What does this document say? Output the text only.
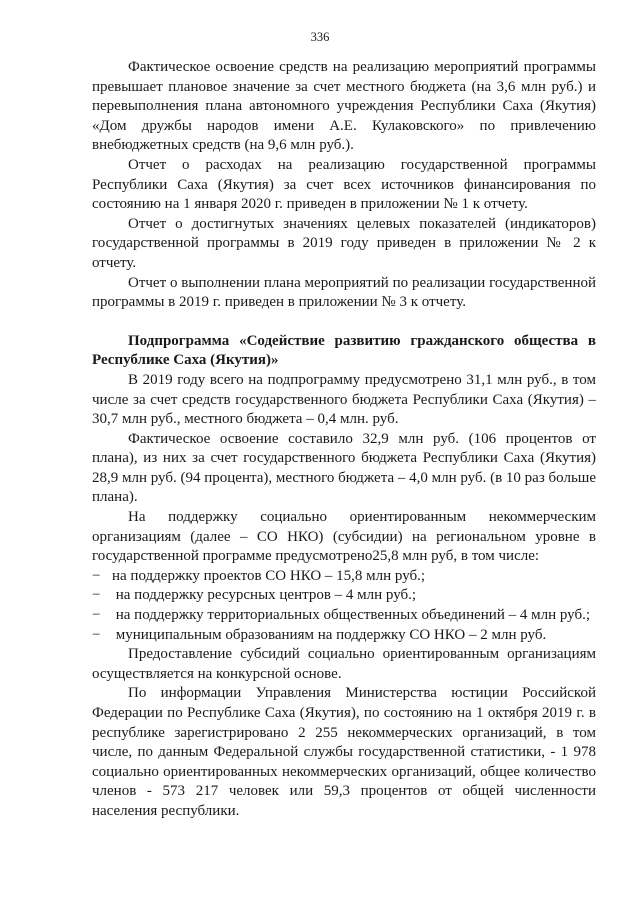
336

Фактическое освоение средств на реализацию мероприятий программы превышает плановое значение за счет местного бюджета (на 3,6 млн руб.) и перевыполнения плана автономного учреждения Республики Саха (Якутия) «Дом дружбы народов имени А.Е. Кулаковского» по привлечению внебюджетных средств (на 9,6 млн руб.).

Отчет о расходах на реализацию государственной программы Республики Саха (Якутия) за счет всех источников финансирования по состоянию на 1 января 2020 г. приведен в приложении № 1 к отчету.

Отчет о достигнутых значениях целевых показателей (индикаторов) государственной программы в 2019 году приведен в приложении № 2 к отчету.

Отчет о выполнении плана мероприятий по реализации государственной программы в 2019 г. приведен в приложении № 3 к отчету.

Подпрограмма «Содействие развитию гражданского общества в Республике Саха (Якутия)»

В 2019 году всего на подпрограмму предусмотрено 31,1 млн руб., в том числе за счет средств государственного бюджета Республики Саха (Якутия) – 30,7 млн руб., местного бюджета – 0,4 млн. руб.

Фактическое освоение составило 32,9 млн руб. (106 процентов от плана), из них за счет государственного бюджета Республики Саха (Якутия) 28,9 млн руб. (94 процента), местного бюджета – 4,0 млн руб. (в 10 раз больше плана).

На поддержку социально ориентированным некоммерческим организациям (далее – СО НКО) (субсидии) на региональном уровне в государственной программе предусмотрено25,8 млн руб, в том числе:

− на поддержку проектов СО НКО – 15,8 млн руб.;

− на поддержку ресурсных центров – 4 млн руб.;

− на поддержку территориальных общественных объединений – 4 млн руб.;

− муниципальным образованиям на поддержку СО НКО – 2 млн руб.

Предоставление субсидий социально ориентированным организациям осуществляется на конкурсной основе.

По информации Управления Министерства юстиции Российской Федерации по Республике Саха (Якутия), по состоянию на 1 октября 2019 г. в республике зарегистрировано 2 255 некоммерческих организаций, в том числе, по данным Федеральной службы государственной статистики, - 1 978 социально ориентированных некоммерческих организаций, общее количество членов - 573 217 человек или 59,3 процентов от общей численности населения республики.
